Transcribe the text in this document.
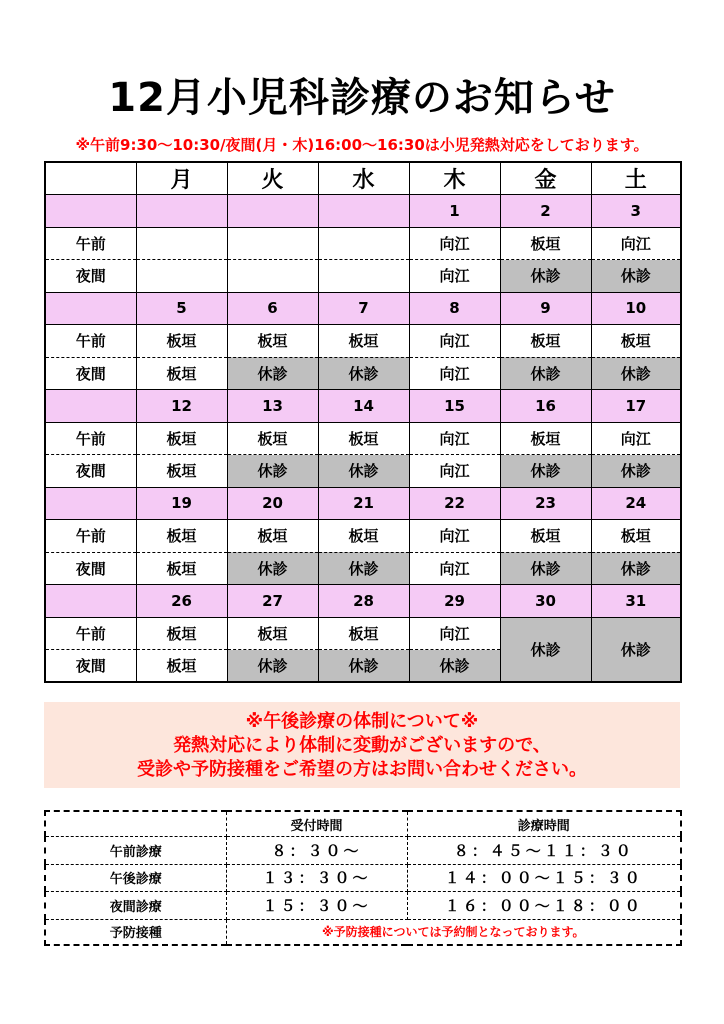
12月小児科診療のお知らせ
※午前9:30～10:30/夜間(月・木)16:00～16:30は小児発熱対応をしております。
	月	火	水	木	金	土
				1	2	3
午前				向江	板垣	向江
夜間				向江	休診	休診
	5	6	7	8	9	10
午前	板垣	板垣	板垣	向江	板垣	板垣
夜間	板垣	休診	休診	向江	休診	休診
	12	13	14	15	16	17
午前	板垣	板垣	板垣	向江	板垣	向江
夜間	板垣	休診	休診	向江	休診	休診
	19	20	21	22	23	24
午前	板垣	板垣	板垣	向江	板垣	板垣
夜間	板垣	休診	休診	向江	休診	休診
	26	27	28	29	30	31
午前	板垣	板垣	板垣	向江	休診	休診
夜間	板垣	休診	休診	休診		
※午後診療の体制について※
発熱対応により体制に変動がございますので、
受診や予防接種をご希望の方はお問い合わせください。
	受付時間	診療時間
午前診療	８：３０～	８：４５～１１：３０
午後診療	１３：３０～	１４：００～１５：３０
夜間診療	１５：３０～	１６：００～１８：００
予防接種	※予防接種については予約制となっております。	
